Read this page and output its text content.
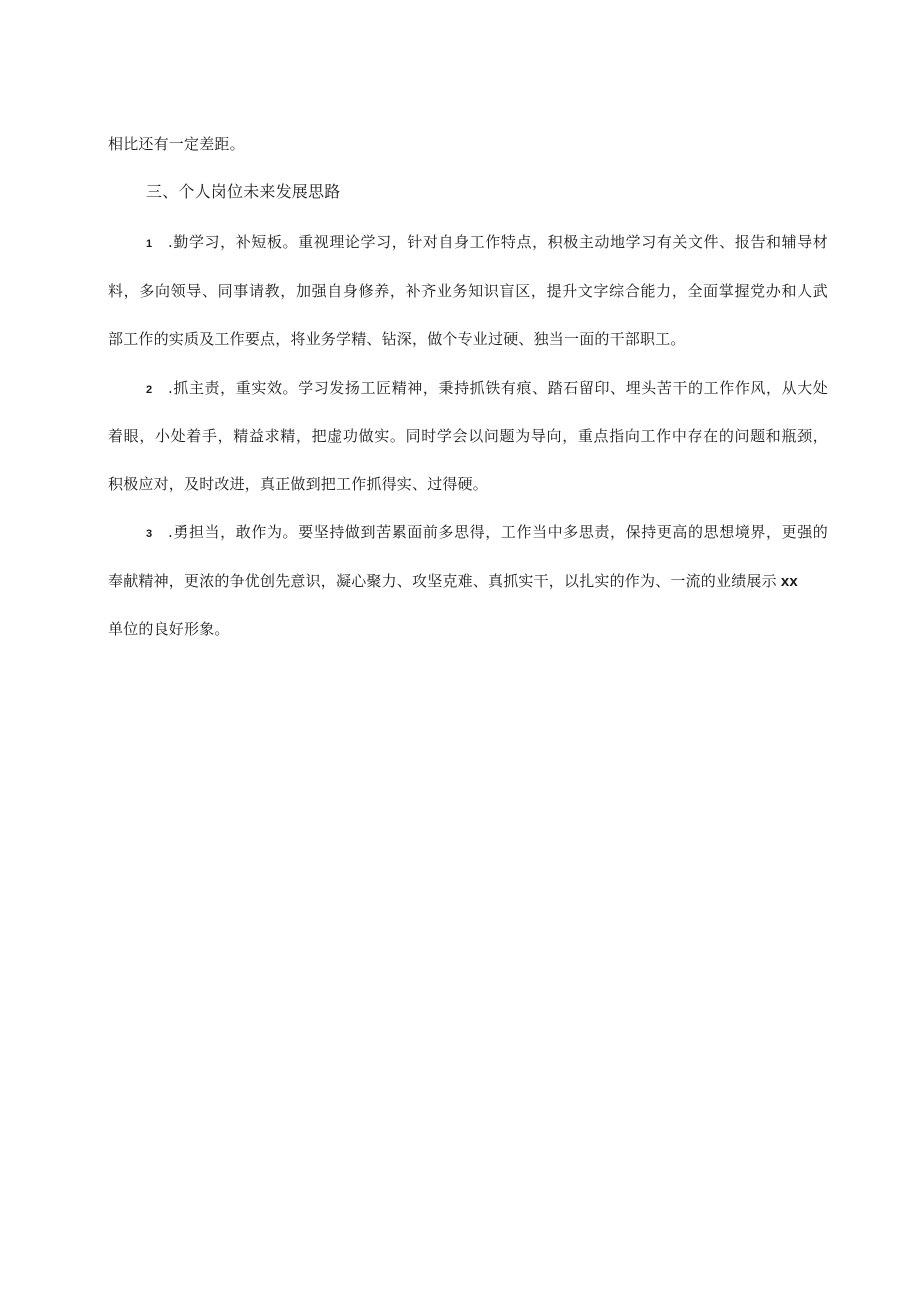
相比还有一定差距。
三、个人岗位未来发展思路
1 .勤学习，补短板。重视理论学习，针对自身工作特点，积极主动地学习有关文件、报告和辅导材
料，多向领导、同事请教，加强自身修养，补齐业务知识盲区，提升文字综合能力，全面掌握党办和人武
部工作的实质及工作要点，将业务学精、钻深，做个专业过硬、独当一面的干部职工。
2 .抓主责，重实效。学习发扬工匠精神，秉持抓铁有痕、踏石留印、埋头苦干的工作作风，从大处
着眼，小处着手，精益求精，把虚功做实。同时学会以问题为导向，重点指向工作中存在的问题和瓶颈，
积极应对，及时改进，真正做到把工作抓得实、过得硬。
3 .勇担当，敢作为。要坚持做到苦累面前多思得，工作当中多思责，保持更高的思想境界，更强的
奉献精神，更浓的争优创先意识，凝心聚力、攻坚克难、真抓实干，以扎实的作为、一流的业绩展示 xx
单位的良好形象。
